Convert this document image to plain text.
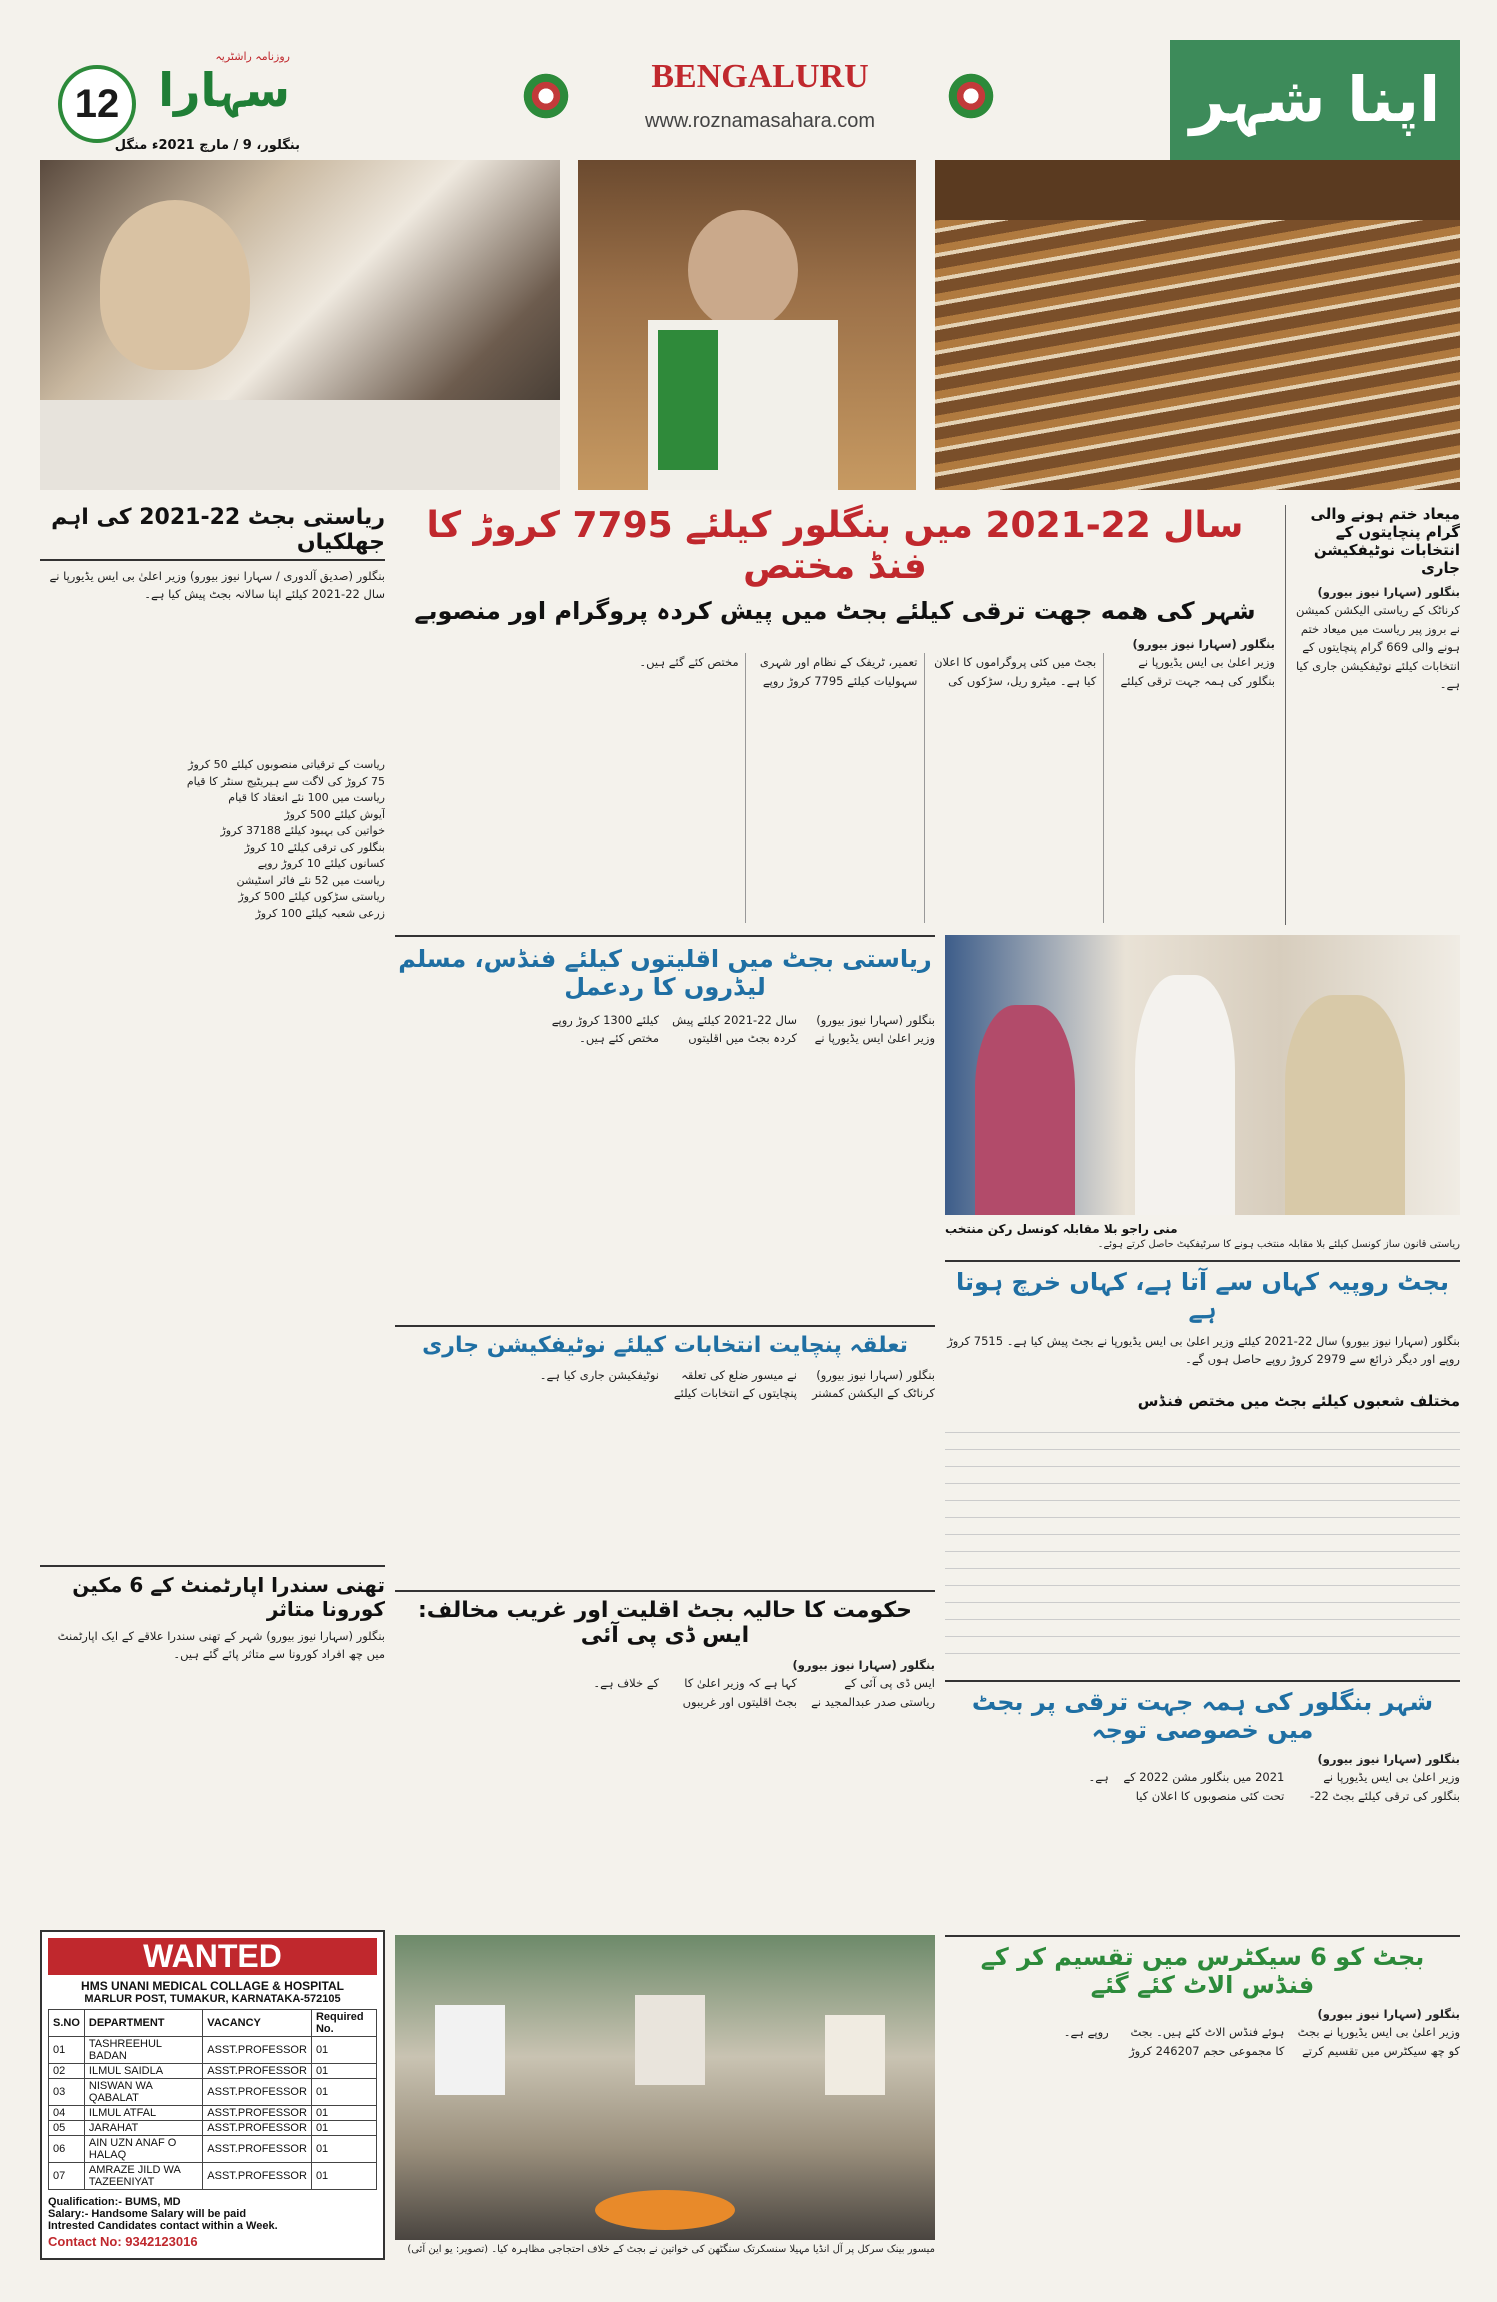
12
روزنامہ راشٹریہ
سہارا
بنگلور، 9 / مارچ 2021ء منگل
BENGALURU
www.roznamasahara.com	اپنا شہر
ریاستی بجٹ 22-2021 کی اہم جھلکیاں
بنگلور (صدیق آلدوری / سہارا نیوز بیورو) وزیر اعلیٰ بی ایس یڈیورپا نے سال 22-2021 کیلئے اپنا سالانہ بجٹ پیش کیا ہے۔
ریاست کے ترقیاتی منصوبوں کیلئے 50 کروڑ
75 کروڑ کی لاگت سے ہیریٹیج سنٹر کا قیام
ریاست میں 100 نئے انعقاد کا قیام
آیوش کیلئے 500 کروڑ
خواتین کی بہبود کیلئے 37188 کروڑ
بنگلور کی ترقی کیلئے 10 کروڑ
کسانوں کیلئے 10 کروڑ روپے
ریاست میں 52 نئے فائر اسٹیشن
ریاستی سڑکوں کیلئے 500 کروڑ
زرعی شعبہ کیلئے 100 کروڑ
تھنی سندرا اپارٹمنٹ کے 6 مکین کورونا متاثر
بنگلور (سہارا نیوز بیورو) شہر کے تھنی سندرا علاقے کے ایک اپارٹمنٹ میں چھ افراد کورونا سے متاثر پائے گئے ہیں۔
WANTED
HMS UNANI MEDICAL COLLAGE & HOSPITAL
MARLUR POST, TUMAKUR, KARNATAKA-572105
S.NO	DEPARTMENT	VACANCY	Required No.
01	TASHREEHUL BADAN	ASST.PROFESSOR	01
02	ILMUL SAIDLA	ASST.PROFESSOR	01
03	NISWAN WA QABALAT	ASST.PROFESSOR	01
04	ILMUL ATFAL	ASST.PROFESSOR	01
05	JARAHAT	ASST.PROFESSOR	01
06	AIN UZN ANAF O HALAQ	ASST.PROFESSOR	01
07	AMRAZE JILD WA TAZEENIYAT	ASST.PROFESSOR	01
Qualification:- BUMS, MD
Salary:- Handsome Salary will be paid
Intrested Candidates contact within a Week.
Contact No: 9342123016
سال 22-2021 میں بنگلور کیلئے 7795 کروڑ کا فنڈ مختص
شہر کی همه جهت ترقی کیلئے بجٹ میں پیش کردہ پروگرام اور منصوبے
بنگلور (سہارا نیوز بیورو)
وزیر اعلیٰ بی ایس یڈیورپا نے بنگلور کی ہمہ جہت ترقی کیلئے بجٹ میں کئی پروگراموں کا اعلان کیا ہے۔ میٹرو ریل، سڑکوں کی تعمیر، ٹریفک کے نظام اور شہری سہولیات کیلئے 7795 کروڑ روپے مختص کئے گئے ہیں۔
میعاد ختم ہونے والی گرام پنچایتوں کے انتخابات نوٹیفکیشن جاری
بنگلور (سہارا نیوز بیورو)
کرناٹک کے ریاستی الیکشن کمیشن نے بروز پیر ریاست میں میعاد ختم ہونے والی 669 گرام پنچایتوں کے انتخابات کیلئے نوٹیفکیشن جاری کیا ہے۔
ریاستی بجٹ میں اقلیتوں کیلئے فنڈس، مسلم لیڈروں کا ردعمل
بنگلور (سہارا نیوز بیورو) وزیر اعلیٰ ایس یڈیورپا نے سال 22-2021 کیلئے پیش کردہ بجٹ میں اقلیتوں کیلئے 1300 کروڑ روپے مختص کئے ہیں۔
منی راجو بلا مقابلہ کونسل رکن منتخب
ریاستی قانون ساز کونسل کیلئے بلا مقابلہ منتخب ہونے کا سرٹیفکیٹ حاصل کرتے ہوئے۔
بجٹ روپیہ کہاں سے آتا ہے، کہاں خرچ ہوتا ہے
بنگلور (سہارا نیوز بیورو) سال 22-2021 کیلئے وزیر اعلیٰ بی ایس یڈیورپا نے بجٹ پیش کیا ہے۔ 7515 کروڑ روپے اور دیگر ذرائع سے 2979 کروڑ روپے حاصل ہوں گے۔
مختلف شعبوں کیلئے بجٹ میں مختص فنڈس
تعلقہ پنچایت انتخابات کیلئے نوٹیفکیشن جاری
بنگلور (سہارا نیوز بیورو) کرناٹک کے الیکشن کمشنر نے میسور ضلع کی تعلقہ پنچایتوں کے انتخابات کیلئے نوٹیفکیشن جاری کیا ہے۔
حکومت کا حالیہ بجٹ اقلیت اور غریب مخالف: ایس ڈی پی آئی
بنگلور (سہارا نیوز بیورو)
ایس ڈی پی آئی کے ریاستی صدر عبدالمجید نے کہا ہے کہ وزیر اعلیٰ کا بجٹ اقلیتوں اور غریبوں کے خلاف ہے۔
شہر بنگلور کی ہمہ جہت ترقی پر بجٹ میں خصوصی توجہ
بنگلور (سہارا نیوز بیورو)
وزیر اعلیٰ بی ایس یڈیورپا نے بنگلور کی ترقی کیلئے بجٹ 22-2021 میں بنگلور مشن 2022 کے تحت کئی منصوبوں کا اعلان کیا ہے۔
میسور بینک سرکل پر آل انڈیا مہیلا سنسکرتک سنگٹھن کی خواتین نے بجٹ کے خلاف احتجاجی مظاہرہ کیا۔ (تصویر: یو این آئی)
بجٹ کو 6 سیکٹرس میں تقسیم کر کے فنڈس الاٹ کئے گئے
بنگلور (سہارا نیوز بیورو)
وزیر اعلیٰ بی ایس یڈیورپا نے بجٹ کو چھ سیکٹرس میں تقسیم کرتے ہوئے فنڈس الاٹ کئے ہیں۔ بجٹ کا مجموعی حجم 246207 کروڑ روپے ہے۔
